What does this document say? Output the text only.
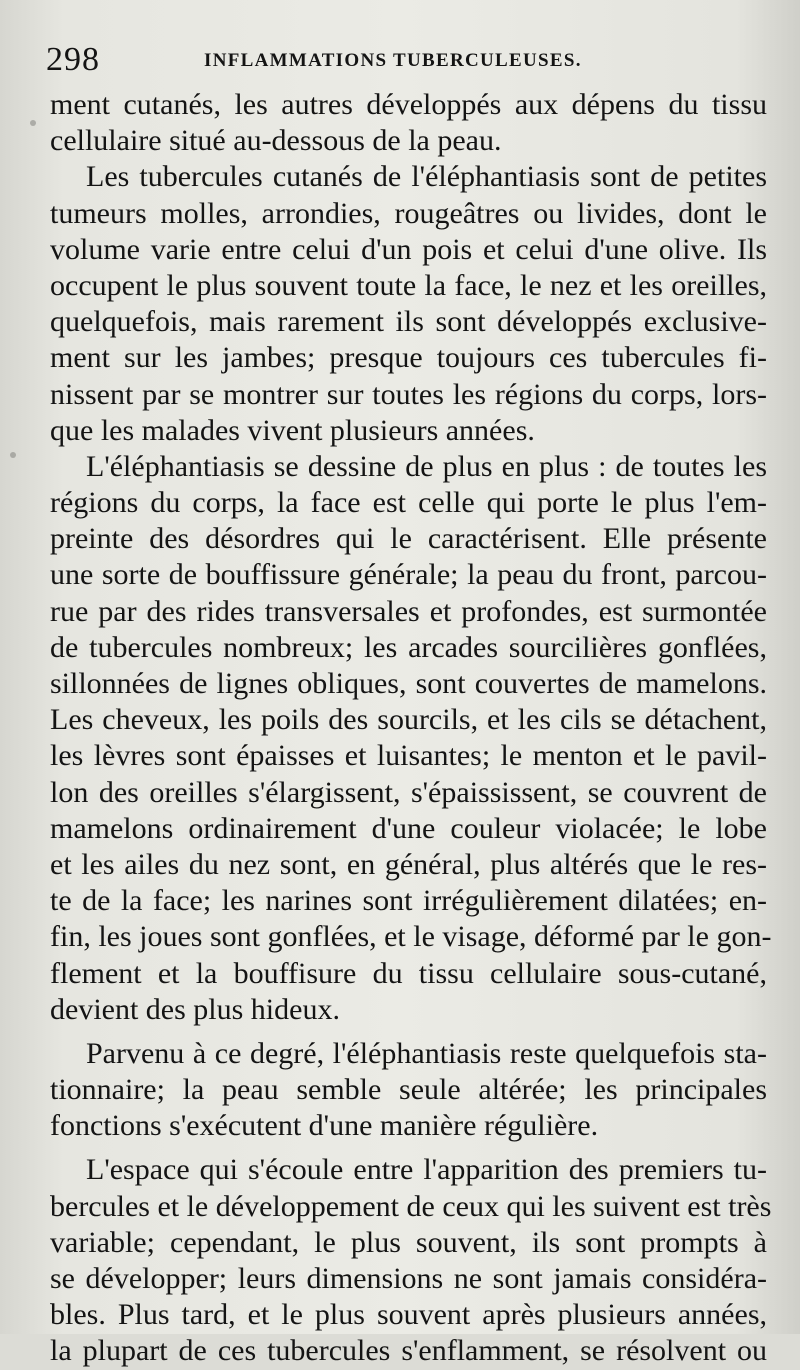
298	INFLAMMATIONS TUBERCULEUSES.
ment cutanés, les autres développés aux dépens du tissu
cellulaire situé au-dessous de la peau.
Les tubercules cutanés de l'éléphantiasis sont de petites
tumeurs molles, arrondies, rougeâtres ou livides, dont le
volume varie entre celui d'un pois et celui d'une olive. Ils
occupent le plus souvent toute la face, le nez et les oreilles,
quelquefois, mais rarement ils sont développés exclusive-
ment sur les jambes; presque toujours ces tubercules fi-
nissent par se montrer sur toutes les régions du corps, lors-
que les malades vivent plusieurs années.
L'éléphantiasis se dessine de plus en plus : de toutes les
régions du corps, la face est celle qui porte le plus l'em-
preinte des désordres qui le caractérisent. Elle présente
une sorte de bouffissure générale; la peau du front, parcou-
rue par des rides transversales et profondes, est surmontée
de tubercules nombreux; les arcades sourcilières gonflées,
sillonnées de lignes obliques, sont couvertes de mamelons.
Les cheveux, les poils des sourcils, et les cils se détachent,
les lèvres sont épaisses et luisantes; le menton et le pavil-
lon des oreilles s'élargissent, s'épaississent, se couvrent de
mamelons ordinairement d'une couleur violacée; le lobe
et les ailes du nez sont, en général, plus altérés que le res-
te de la face; les narines sont irrégulièrement dilatées; en-
fin, les joues sont gonflées, et le visage, déformé par le gon-
flement et la bouffisure du tissu cellulaire sous-cutané,
devient des plus hideux.
Parvenu à ce degré, l'éléphantiasis reste quelquefois sta-
tionnaire; la peau semble seule altérée; les principales
fonctions s'exécutent d'une manière régulière.
L'espace qui s'écoule entre l'apparition des premiers tu-
bercules et le développement de ceux qui les suivent est très
variable; cependant, le plus souvent, ils sont prompts à
se développer; leurs dimensions ne sont jamais considéra-
bles. Plus tard, et le plus souvent après plusieurs années,
la plupart de ces tubercules s'enflamment, se résolvent ou
